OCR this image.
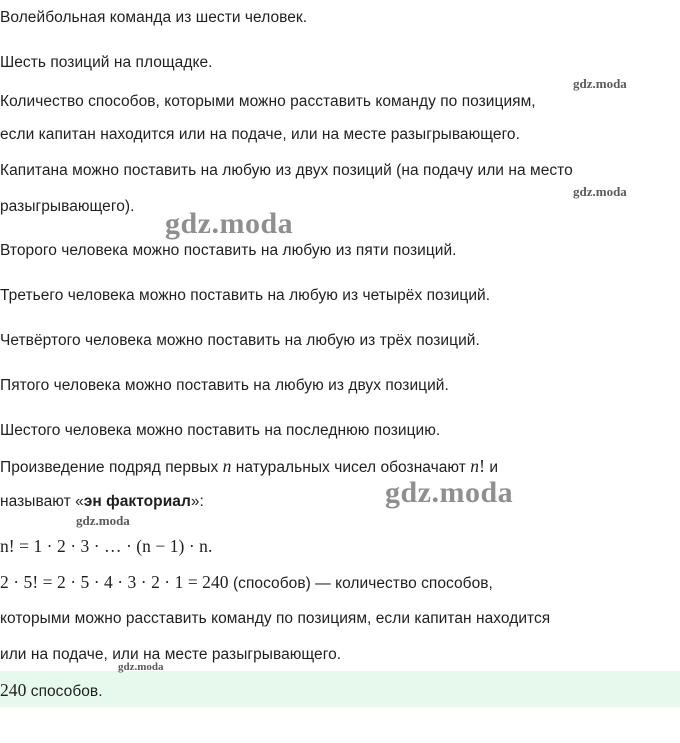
Волейбольная команда из шести человек.
Шесть позиций на площадке.
Количество способов, которыми можно расставить команду по позициям,
если капитан находится или на подаче, или на месте разыгрывающего.
Капитана можно поставить на любую из двух позиций (на подачу или на место
разыгрывающего).
Второго человека можно поставить на любую из пяти позиций.
Третьего человека можно поставить на любую из четырёх позиций.
Четвёртого человека можно поставить на любую из трёх позиций.
Пятого человека можно поставить на любую из двух позиций.
Шестого человека можно поставить на последнюю позицию.
Произведение подряд первых n натуральных чисел обозначают n! и
называют «эн факториал»:
n! = 1 · 2 · 3 · … · (n − 1) · n.
2 · 5! = 2 · 5 · 4 · 3 · 2 · 1 = 240 (способов) — количество способов,
которыми можно расставить команду по позициям, если капитан находится
или на подаче, или на месте разыгрывающего.
240 способов.
gdz.moda
gdz.moda
gdz.moda
gdz.moda
gdz.moda
gdz.moda
